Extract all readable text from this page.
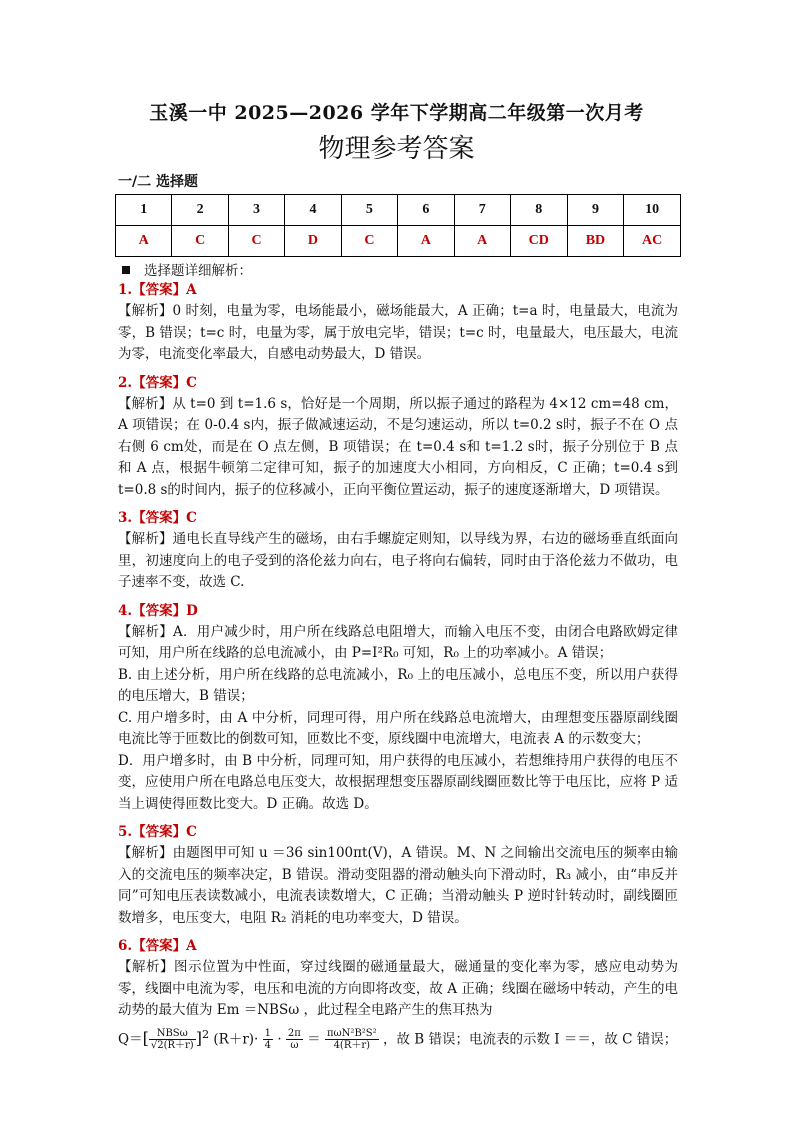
玉溪一中 2025—2026 学年下学期高二年级第一次月考
物理参考答案
一/二 选择题
1	2	3	4	5	6	7	8	9	10
A	C	C	D	C	A	A	CD	BD	AC
选择题详细解析：

1.【答案】A

【解析】0 时刻，电量为零，电场能最小，磁场能最大，A 正确；t=a 时，电量最大，电流为零，B 错误；t=c 时，电量为零，属于放电完毕，错误；t=c 时，电量最大，电压最大，电流为零，电流变化率最大，自感电动势最大，D 错误。

2.【答案】C

【解析】从 t=0 到 t=1.6 s，恰好是一个周期，所以振子通过的路程为 4×12 cm=48 cm，A 项错误；在 0-0.4 s内，振子做减速运动，不是匀速运动，所以 t=0.2 s时，振子不在 O 点右侧 6 cm处，而是在 O 点左侧，B 项错误；在 t=0.4 s和 t=1.2 s时，振子分别位于 B 点和 A 点，根据牛顿第二定律可知，振子的加速度大小相同，方向相反，C 正确；t=0.4 s到 t=0.8 s的时间内，振子的位移减小，正向平衡位置运动，振子的速度逐渐增大，D 项错误。

3.【答案】C

【解析】通电长直导线产生的磁场，由右手螺旋定则知，以导线为界，右边的磁场垂直纸面向里，初速度向上的电子受到的洛伦兹力向右，电子将向右偏转，同时由于洛伦兹力不做功，电子速率不变，故选 C.

4.【答案】D

【解析】A．用户减少时，用户所在线路总电阻增大，而输入电压不变，由闭合电路欧姆定律可知，用户所在线路的总电流减小，由 P=I²R₀ 可知，R₀ 上的功率减小。A 错误；

B. 由上述分析，用户所在线路的总电流减小，R₀ 上的电压减小，总电压不变，所以用户获得的电压增大，B 错误；

C. 用户增多时，由 A 中分析，同理可得，用户所在线路总电流增大，由理想变压器原副线圈电流比等于匝数比的倒数可知，匝数比不变，原线圈中电流增大，电流表 A 的示数变大；

D．用户增多时，由 B 中分析，同理可知，用户获得的电压减小，若想维持用户获得的电压不变，应使用户所在电路总电压变大，故根据理想变压器原副线圈匝数比等于电压比，应将 P 适当上调使得匝数比变大。D 正确。故选 D。

5.【答案】C

【解析】由题图甲可知 u ＝36 sin100πt(V)，A 错误。M、N 之间输出交流电压的频率由输入的交流电压的频率决定，B 错误。滑动变阻器的滑动触头向下滑动时，R₃ 减小，由“串反并同”可知电压表读数减小，电流表读数增大，C 正确；当滑动触头 P 逆时针转动时，副线圈匝数增多，电压变大，电阻 R₂ 消耗的电功率变大，D 错误。

6.【答案】A

【解析】图示位置为中性面，穿过线圈的磁通量最大，磁通量的变化率为零，感应电动势为零，线圈中电流为零，电压和电流的方向即将改变，故 A 正确；线圈在磁场中转动，产生的电动势的最大值为 Em ＝NBSω ，此过程全电路产生的焦耳热为

$Q=[ \frac{\text{NBSω}}{√2(R+r)} ]^2$ $(R+r)\cdot \frac{1}{4} \cdot \frac{2\pi}{\omega} = \frac{\text{πωN²B²S²}}{4(R+r)}$ ，故 B 错误；电流表的示数 I ＝＝，故 C 错误；
